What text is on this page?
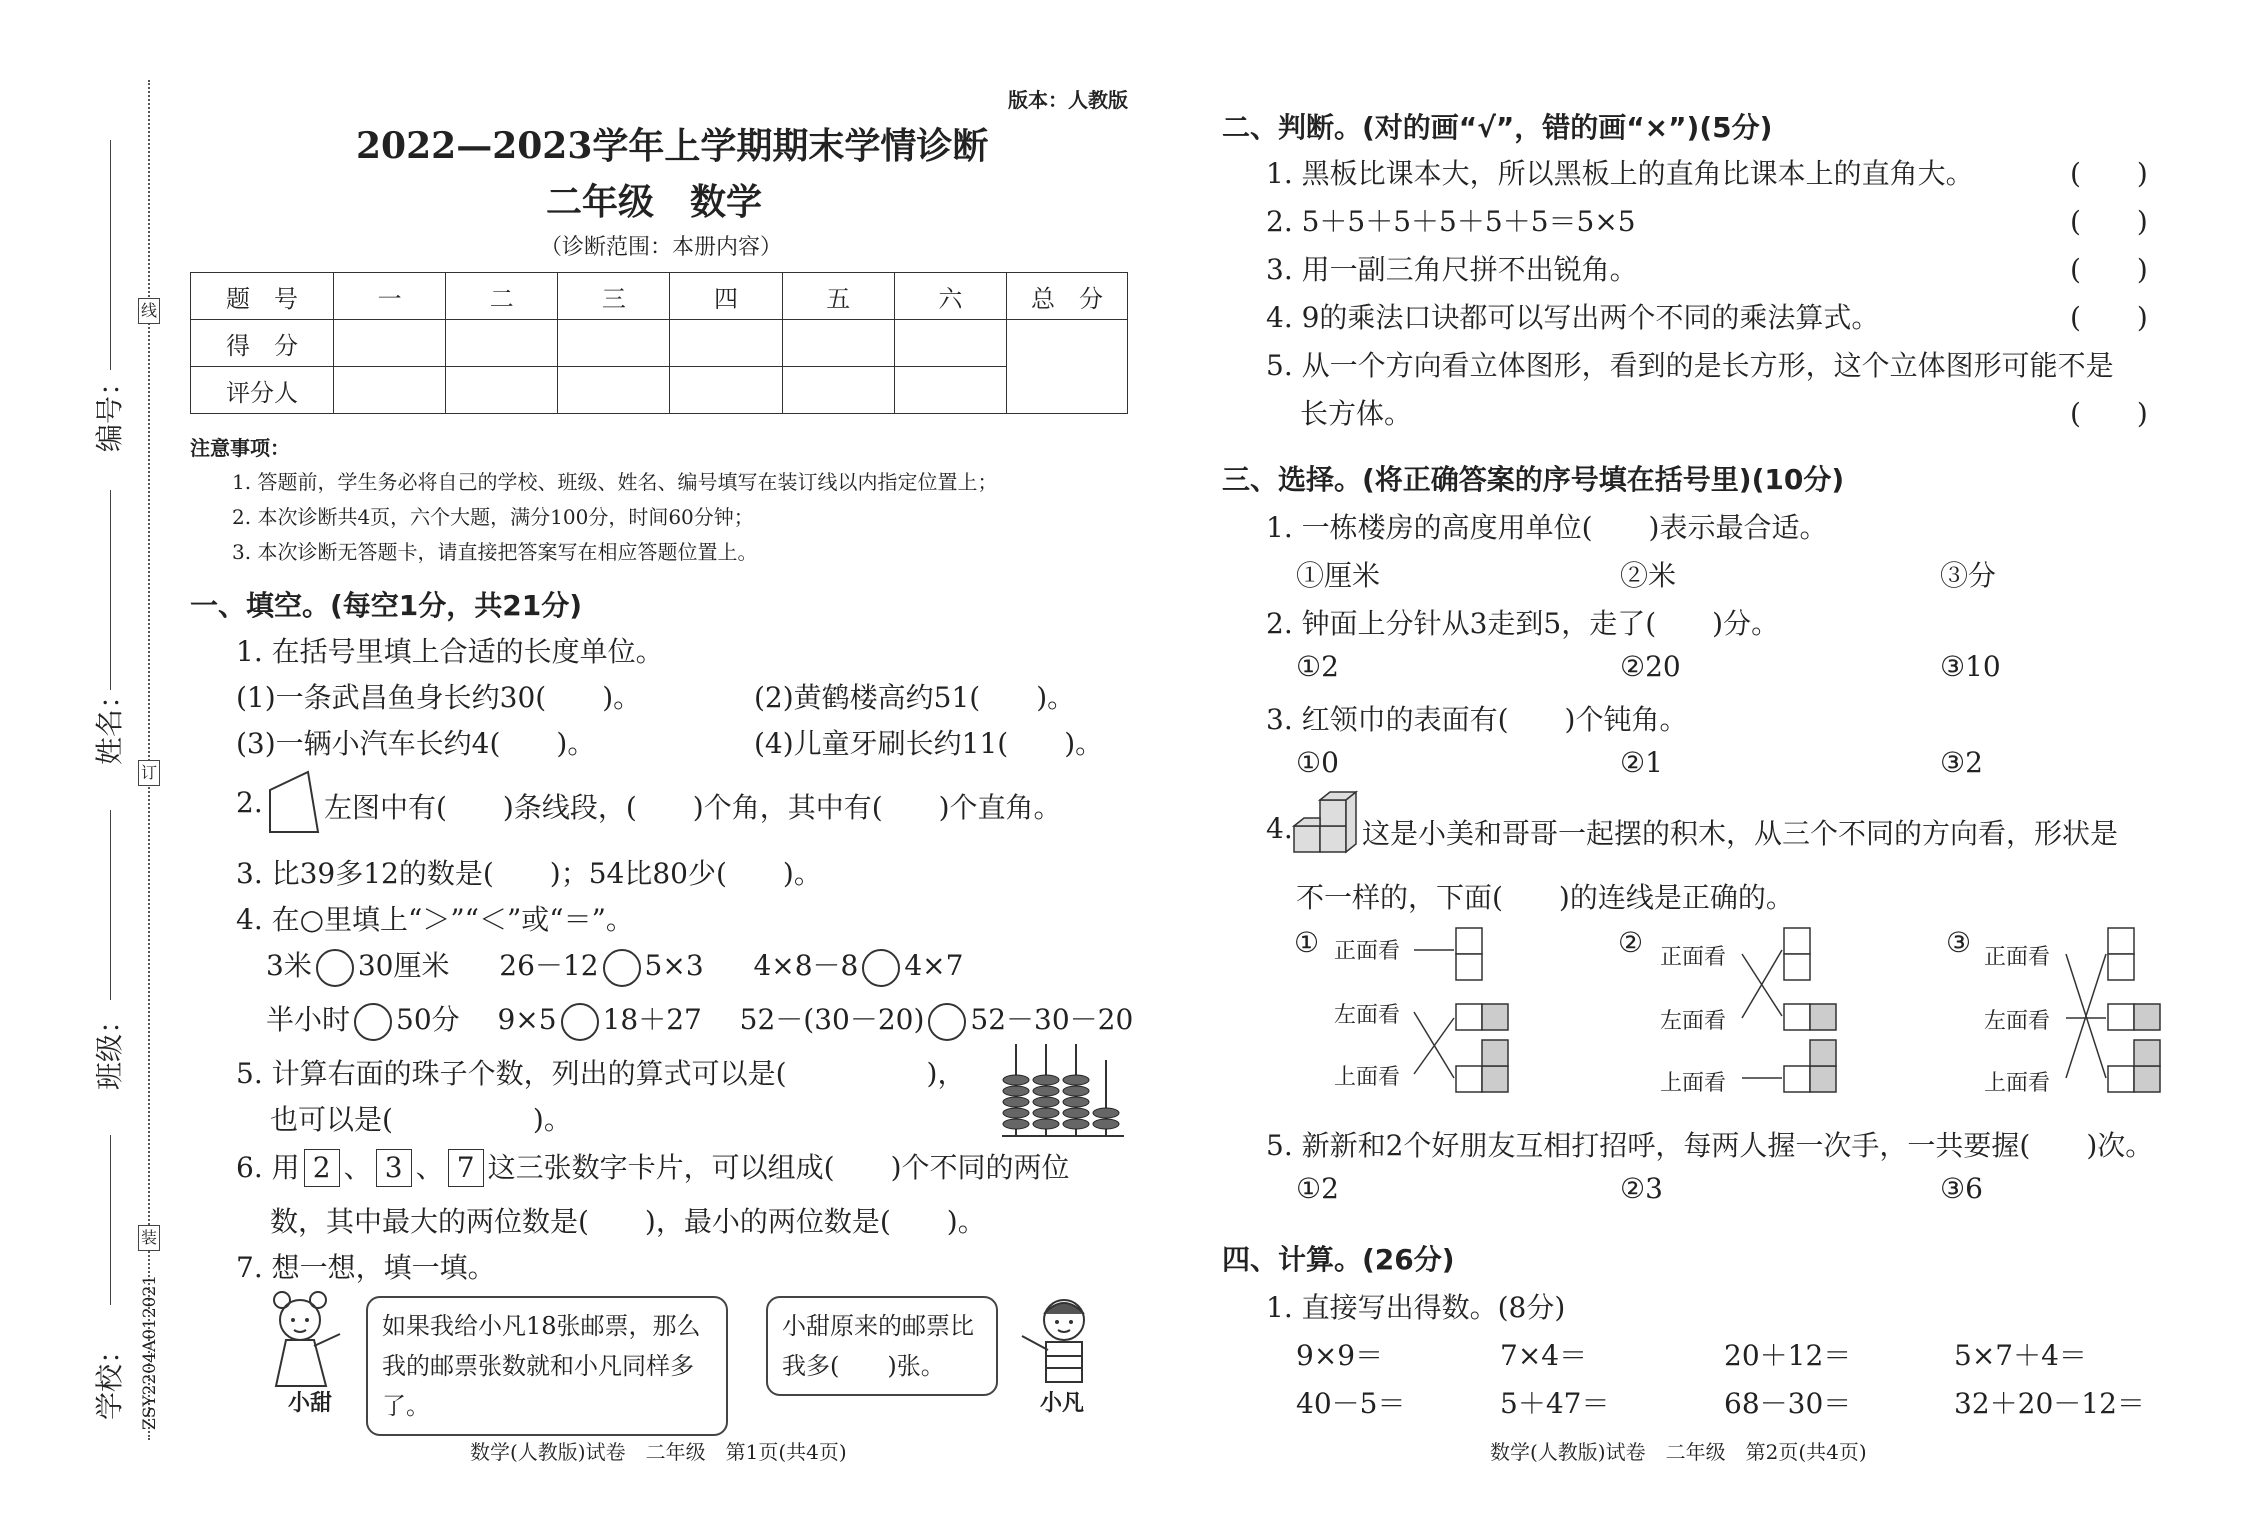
线
订
装
编号：
姓名：
班级：
学校： ZSY2204A012021
版本：人教版
2022—2023学年上学期期末学情诊断
二年级　数学
（诊断范围：本册内容）
题　号	一	二	三	四	五	六	总　分
得　分							
评分人							
注意事项：
1. 答题前，学生务必将自己的学校、班级、姓名、编号填写在装订线以内指定位置上；
2. 本次诊断共4页，六个大题，满分100分，时间60分钟；
3. 本次诊断无答题卡，请直接把答案写在相应答题位置上。
一、填空。(每空1分，共21分)
1. 在括号里填上合适的长度单位。
(1)一条武昌鱼身长约30(　　)。	(2)黄鹤楼高约51(　　)。
(3)一辆小汽车长约4(　　)。	(4)儿童牙刷长约11(　　)。
2. 左图中有(　　)条线段，(　　)个角，其中有(　　)个直角。
3. 比39多12的数是(　　)；54比80少(　　)。
4. 在○里填上“＞”“＜”或“＝”。
3米 30厘米 26－12 5×3 4×8－8 4×7
半小时 50分 9×5 18＋27 52－(30－20) 52－30－20
5. 计算右面的珠子个数，列出的算式可以是(　　　　　)，
也可以是(　　　　　)。
6. 用 2 、 3 、 7 这三张数字卡片，可以组成(　　)个不同的两位
数，其中最大的两位数是(　　)，最小的两位数是(　　)。
7. 想一想，填一填。
小甜
如果我给小凡18张邮票，那么我的邮票张数就和小凡同样多了。
小甜原来的邮票比我多(　　)张。
小凡
数学(人教版)试卷　二年级　第1页(共4页)
二、判断。(对的画“√”，错的画“×”)(5分)
1. 黑板比课本大，所以黑板上的直角比课本上的直角大。	(　　)
2. 5＋5＋5＋5＋5＋5＝5×5	(　　)
3. 用一副三角尺拼不出锐角。	(　　)
4. 9的乘法口诀都可以写出两个不同的乘法算式。	(　　)
5. 从一个方向看立体图形，看到的是长方形，这个立体图形可能不是
长方体。	(　　)
三、选择。(将正确答案的序号填在括号里)(10分)
1. 一栋楼房的高度用单位(　　)表示最合适。
①厘米	②米	③分
2. 钟面上分针从3走到5，走了(　　)分。
①2	②20	③10
3. 红领巾的表面有(　　)个钝角。
①0	②1	③2
4. 这是小美和哥哥一起摆的积木，从三个不同的方向看，形状是
不一样的，下面(　　)的连线是正确的。
① 正面看
左面看
上面看
② 正面看
左面看
上面看
③ 正面看
左面看
上面看
5. 新新和2个好朋友互相打招呼，每两人握一次手，一共要握(　　)次。
①2	②3	③6
四、计算。(26分)
1. 直接写出得数。(8分)
9×9＝	7×4＝	20＋12＝	5×7＋4＝
40－5＝	5＋47＝	68－30＝	32＋20－12＝
数学(人教版)试卷　二年级　第2页(共4页)
